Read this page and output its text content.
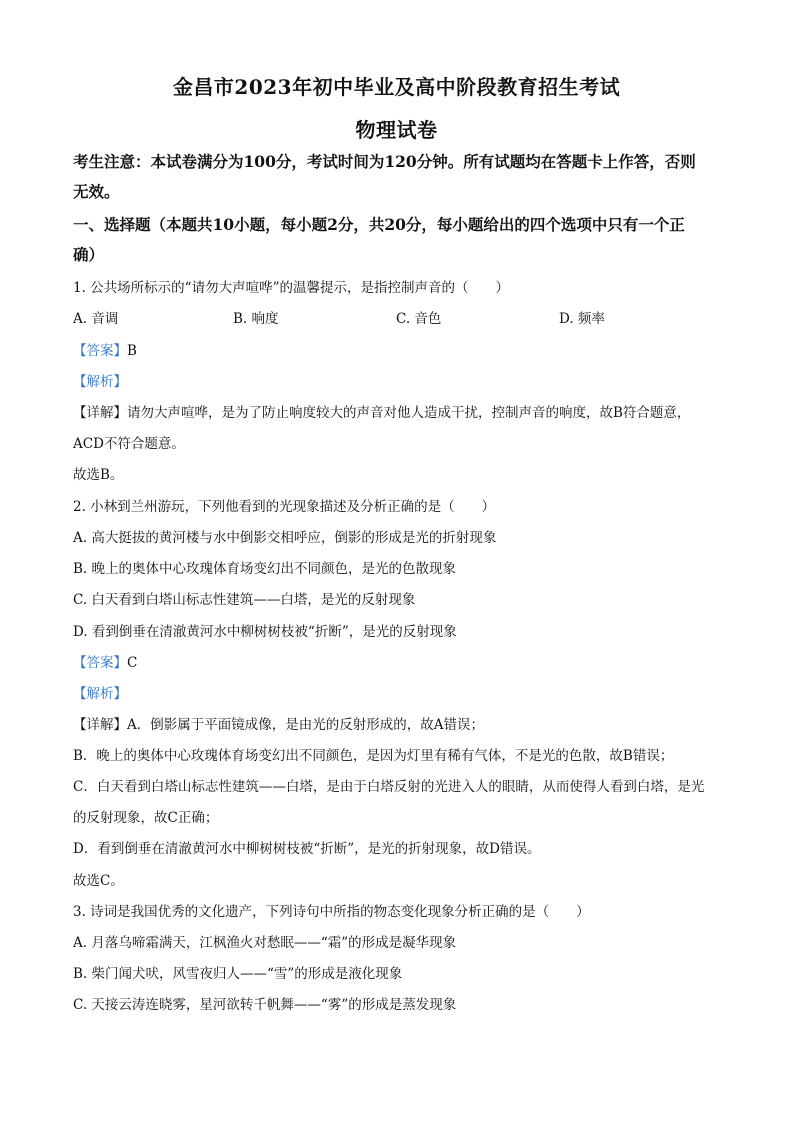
金昌市2023年初中毕业及高中阶段教育招生考试
物理试卷
考生注意：本试卷满分为100分，考试时间为120分钟。所有试题均在答题卡上作答，否则
无效。
一、选择题（本题共10小题，每小题2分，共20分，每小题给出的四个选项中只有一个正
确）
1. 公共场所标示的“请勿大声喧哗”的温馨提示，是指控制声音的（　　）
A. 音调	B. 响度	C. 音色	D. 频率
【答案】B
【解析】
【详解】请勿大声喧哗，是为了防止响度较大的声音对他人造成干扰，控制声音的响度，故B符合题意，
ACD不符合题意。
故选B。
2. 小林到兰州游玩，下列他看到的光现象描述及分析正确的是（　　）
A. 高大挺拔的黄河楼与水中倒影交相呼应，倒影的形成是光的折射现象
B. 晚上的奥体中心玫瑰体育场变幻出不同颜色，是光的色散现象
C. 白天看到白塔山标志性建筑——白塔，是光的反射现象
D. 看到倒垂在清澈黄河水中柳树树枝被“折断”，是光的反射现象
【答案】C
【解析】
【详解】A．倒影属于平面镜成像，是由光的反射形成的，故A错误；
B．晚上的奥体中心玫瑰体育场变幻出不同颜色，是因为灯里有稀有气体，不是光的色散，故B错误；
C．白天看到白塔山标志性建筑——白塔，是由于白塔反射的光进入人的眼睛，从而使得人看到白塔，是光
的反射现象，故C正确；
D．看到倒垂在清澈黄河水中柳树树枝被“折断”，是光的折射现象，故D错误。
故选C。
3. 诗词是我国优秀的文化遗产，下列诗句中所指的物态变化现象分析正确的是（　　）
A. 月落乌啼霜满天，江枫渔火对愁眠——“霜”的形成是凝华现象
B. 柴门闻犬吠，风雪夜归人——“雪”的形成是液化现象
C. 天接云涛连晓雾，星河欲转千帆舞——“雾”的形成是蒸发现象
